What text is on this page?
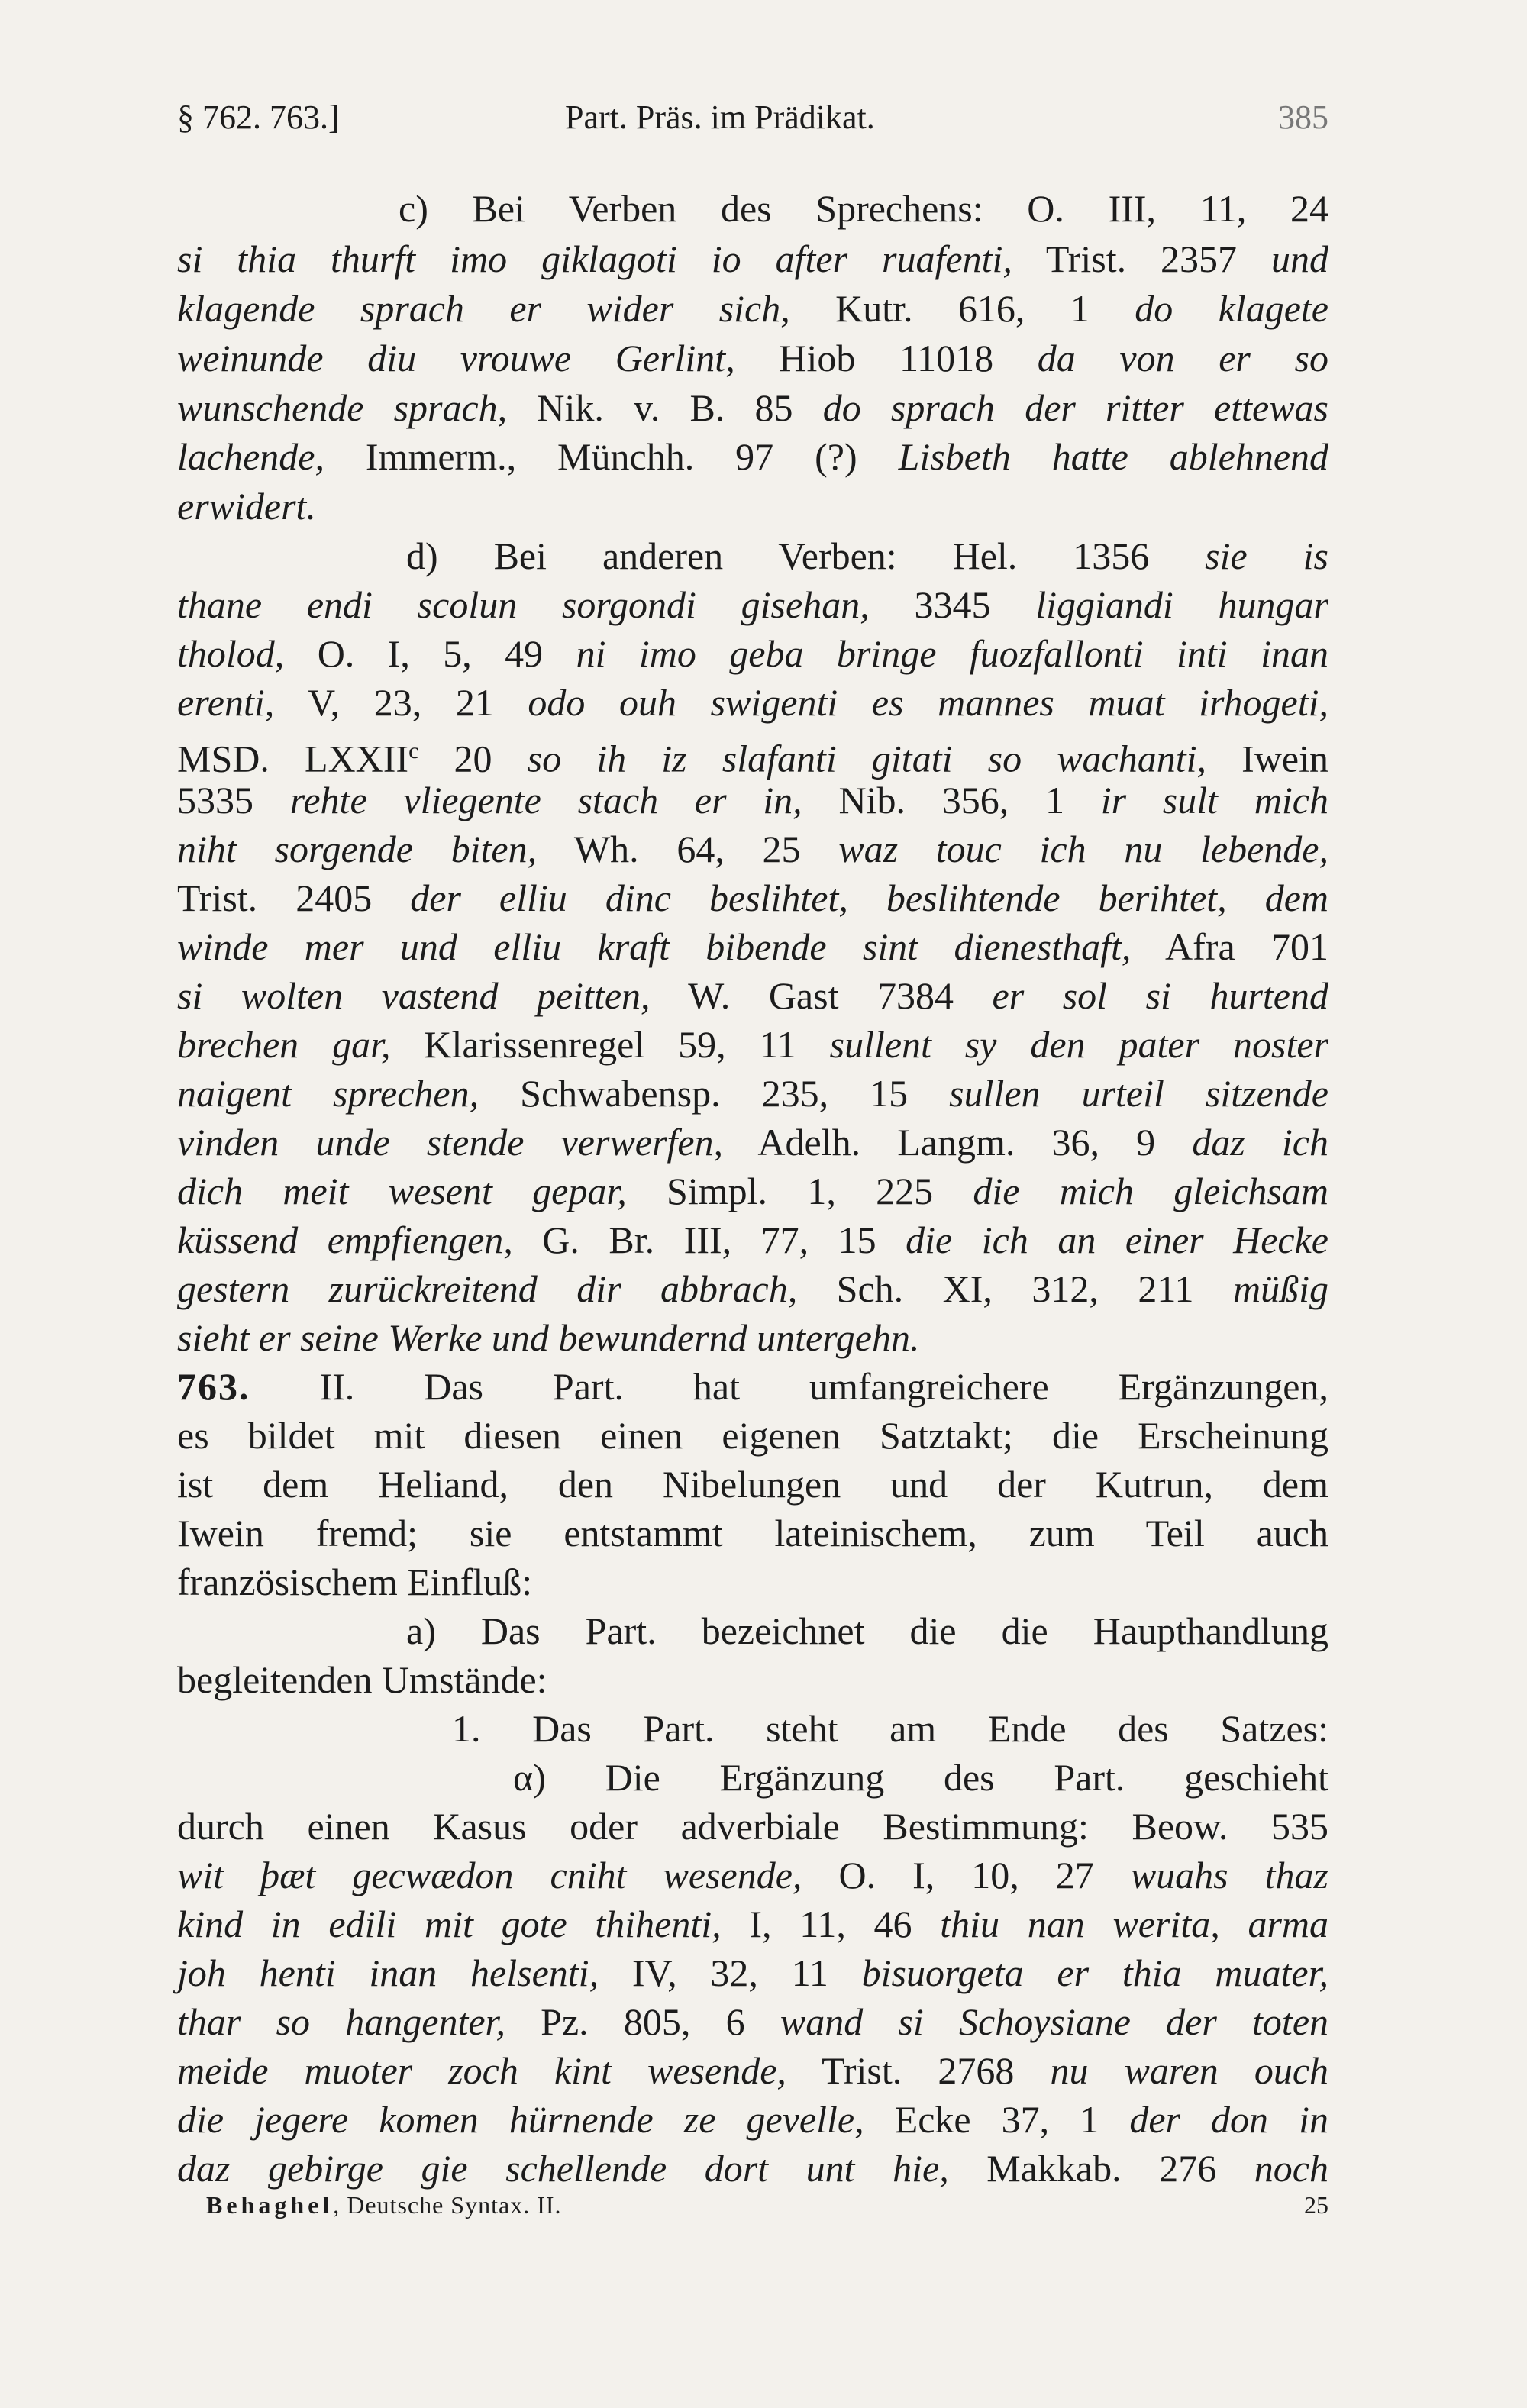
§ 762. 763.]	Part. Präs. im Prädikat.	385
c) Bei Verben des Sprechens: O. III, 11, 24
si thia thurft imo giklagoti io after ruafenti, Trist. 2357 und
klagende sprach er wider sich, Kutr. 616, 1 do klagete
weinunde diu vrouwe Gerlint, Hiob 11018 da von er so
wunschende sprach, Nik. v. B. 85 do sprach der ritter ettewas
lachende, Immerm., Münchh. 97 (?) Lisbeth hatte ablehnend
erwidert.
d) Bei anderen Verben: Hel. 1356 sie is
thane endi scolun sorgondi gisehan, 3345 liggiandi hungar
tholod, O. I, 5, 49 ni imo geba bringe fuozfallonti inti inan
erenti, V, 23, 21 odo ouh swigenti es mannes muat irhogeti,
MSD. LXXII$^c$ 20 so ih iz slafanti gitati so wachanti, Iwein
5335 rehte vliegente stach er in, Nib. 356, 1 ir sult mich
niht sorgende biten, Wh. 64, 25 waz touc ich nu lebende,
Trist. 2405 der elliu dinc beslihtet, beslihtende berihtet, dem
winde mer und elliu kraft bibende sint dienesthaft, Afra 701
si wolten vastend peitten, W. Gast 7384 er sol si hurtend
brechen gar, Klarissenregel 59, 11 sullent sy den pater noster
naigent sprechen, Schwabensp. 235, 15 sullen urteil sitzende
vinden unde stende verwerfen, Adelh. Langm. 36, 9 daz ich
dich meit wesent gepar, Simpl. 1, 225 die mich gleichsam
küssend empfiengen, G. Br. III, 77, 15 die ich an einer Hecke
gestern zurückreitend dir abbrach, Sch. XI, 312, 211 müßig
sieht er seine Werke und bewundernd untergehn.
763. II. Das Part. hat umfangreichere Ergänzungen,
es bildet mit diesen einen eigenen Satztakt; die Erscheinung
ist dem Heliand, den Nibelungen und der Kutrun, dem
Iwein fremd; sie entstammt lateinischem, zum Teil auch
französischem Einfluß:
a) Das Part. bezeichnet die die Haupthandlung
begleitenden Umstände:
1. Das Part. steht am Ende des Satzes:
α) Die Ergänzung des Part. geschieht
durch einen Kasus oder adverbiale Bestimmung: Beow. 535
wit þæt gecwædon cniht wesende, O. I, 10, 27 wuahs thaz
kind in edili mit gote thihenti, I, 11, 46 thiu nan werita, arma
joh henti inan helsenti, IV, 32, 11 bisuorgeta er thia muater,
thar so hangenter, Pz. 805, 6 wand si Schoysiane der toten
meide muoter zoch kint wesende, Trist. 2768 nu waren ouch
die jegere komen hürnende ze gevelle, Ecke 37, 1 der don in
daz gebirge gie schellende dort unt hie, Makkab. 276 noch
Behaghel, Deutsche Syntax. II.	25
